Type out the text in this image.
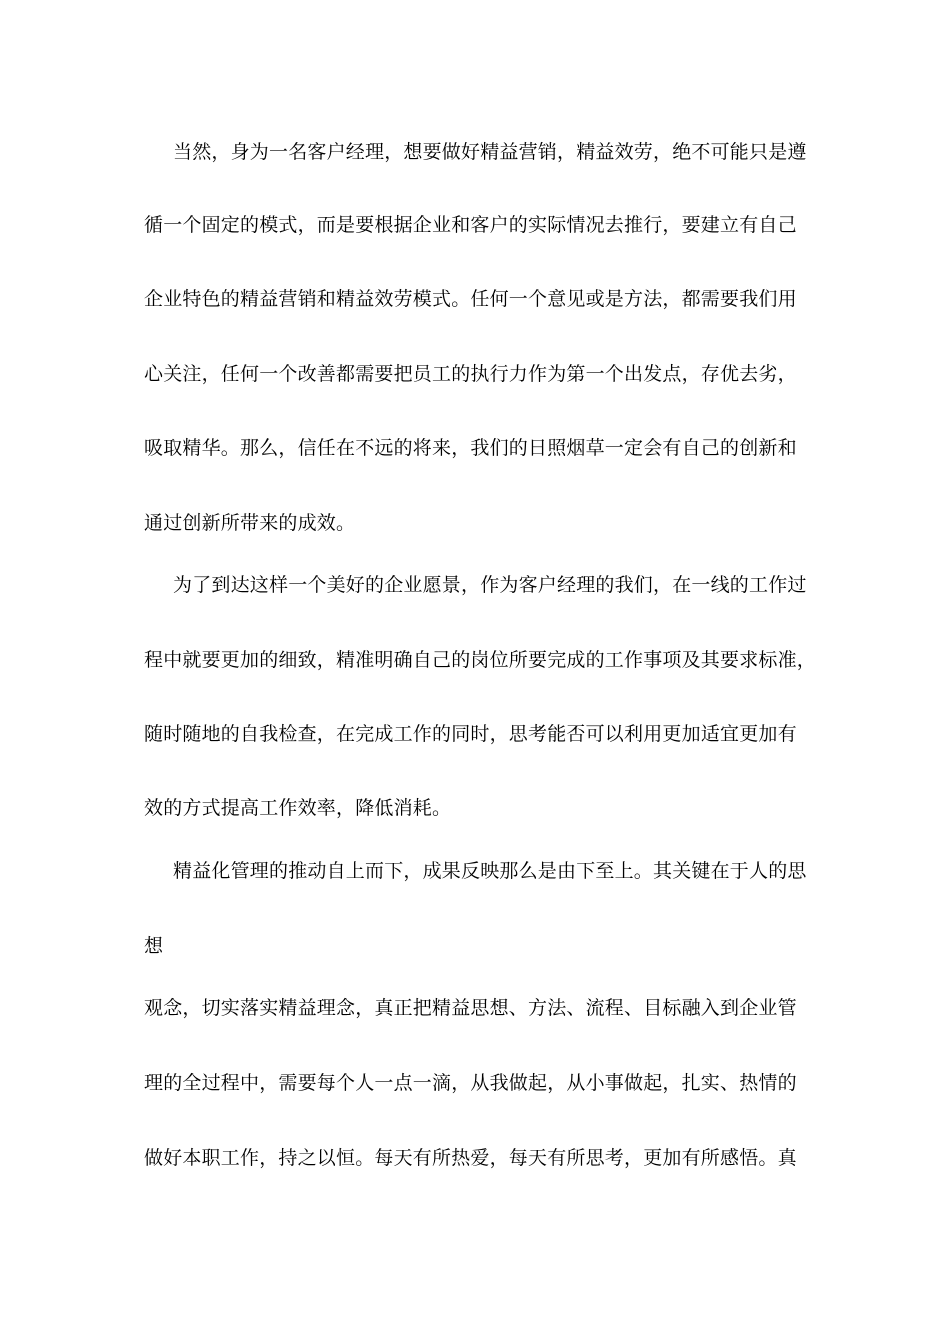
当然，身为一名客户经理，想要做好精益营销，精益效劳，绝不可能只是遵
循一个固定的模式，而是要根据企业和客户的实际情况去推行，要建立有自己
企业特色的精益营销和精益效劳模式。任何一个意见或是方法，都需要我们用
心关注，任何一个改善都需要把员工的执行力作为第一个出发点，存优去劣，
吸取精华。那么，信任在不远的将来，我们的日照烟草一定会有自己的创新和
通过创新所带来的成效。
为了到达这样一个美好的企业愿景，作为客户经理的我们，在一线的工作过
程中就要更加的细致，精准明确自己的岗位所要完成的工作事项及其要求标准，
随时随地的自我检查，在完成工作的同时，思考能否可以利用更加适宜更加有
效的方式提高工作效率，降低消耗。
精益化管理的推动自上而下，成果反映那么是由下至上。其关键在于人的思
想
观念，切实落实精益理念，真正把精益思想、方法、流程、目标融入到企业管
理的全过程中，需要每个人一点一滴，从我做起，从小事做起，扎实、热情的
做好本职工作，持之以恒。每天有所热爱，每天有所思考，更加有所感悟。真
